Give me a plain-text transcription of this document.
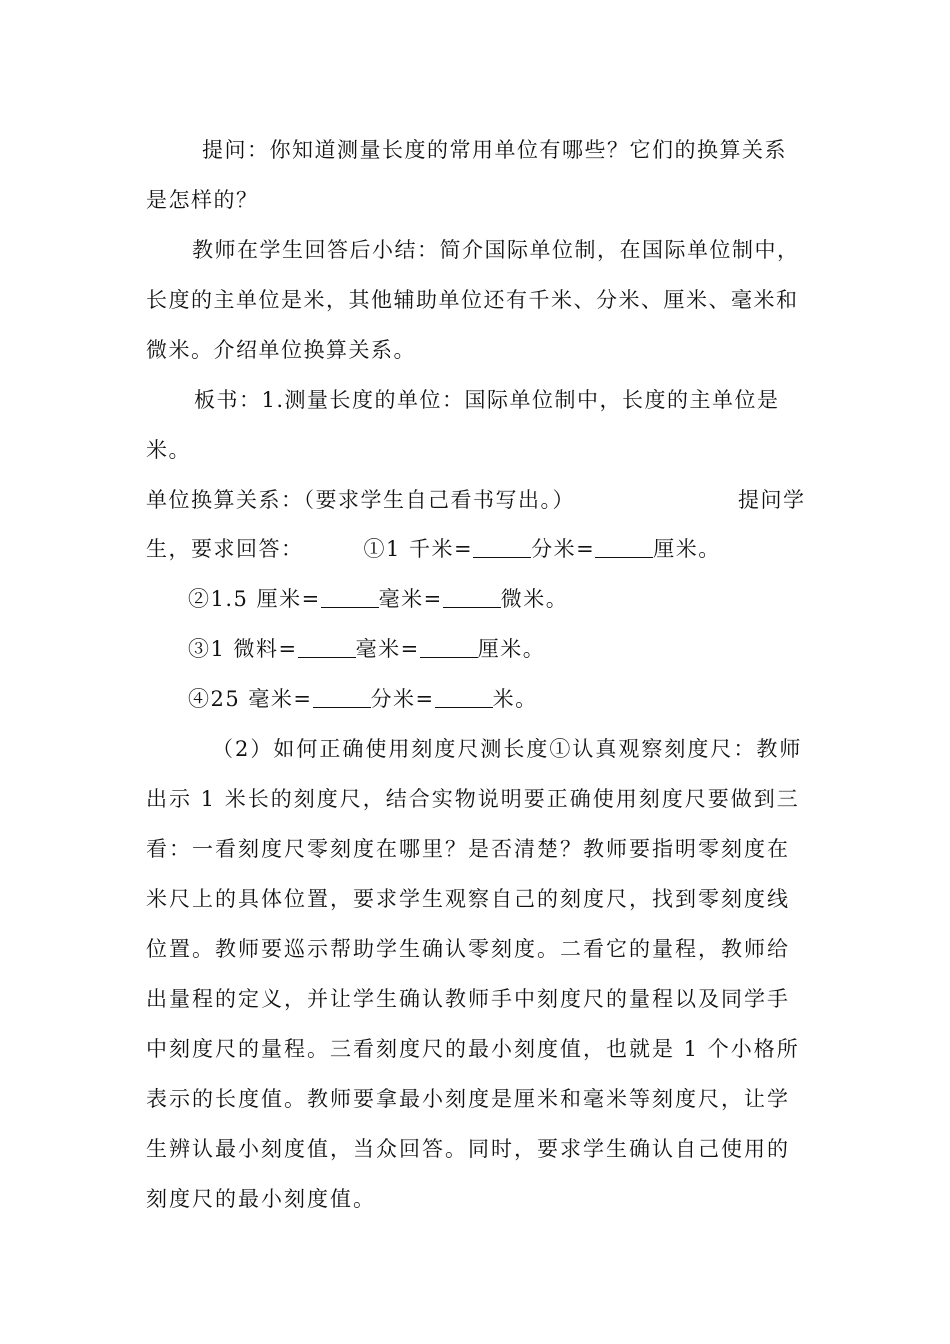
提问：你知道测量长度的常用单位有哪些？它们的换算关系是怎样的？

教师在学生回答后小结：简介国际单位制，在国际单位制中，长度的主单位是米，其他辅助单位还有千米、分米、厘米、毫米和微米。介绍单位换算关系。

板书：1.测量长度的单位：国际单位制中，长度的主单位是米。

单位换算关系：（要求学生自己看书写出。）	提问学

生，要求回答：	①1 千米=	分米=	厘米。

②1.5 厘米=	毫米=	微米。

③1 微料=	毫米=	厘米。

④25 毫米=	分米=	米。

（2）如何正确使用刻度尺测长度①认真观察刻度尺：教师出示 1 米长的刻度尺，结合实物说明要正确使用刻度尺要做到三看：一看刻度尺零刻度在哪里？是否清楚？教师要指明零刻度在米尺上的具体位置，要求学生观察自己的刻度尺，找到零刻度线位置。教师要巡示帮助学生确认零刻度。二看它的量程，教师给出量程的定义，并让学生确认教师手中刻度尺的量程以及同学手中刻度尺的量程。三看刻度尺的最小刻度值，也就是 1 个小格所表示的长度值。教师要拿最小刻度是厘米和毫米等刻度尺，让学生辨认最小刻度值，当众回答。同时，要求学生确认自己使用的刻度尺的最小刻度值。
